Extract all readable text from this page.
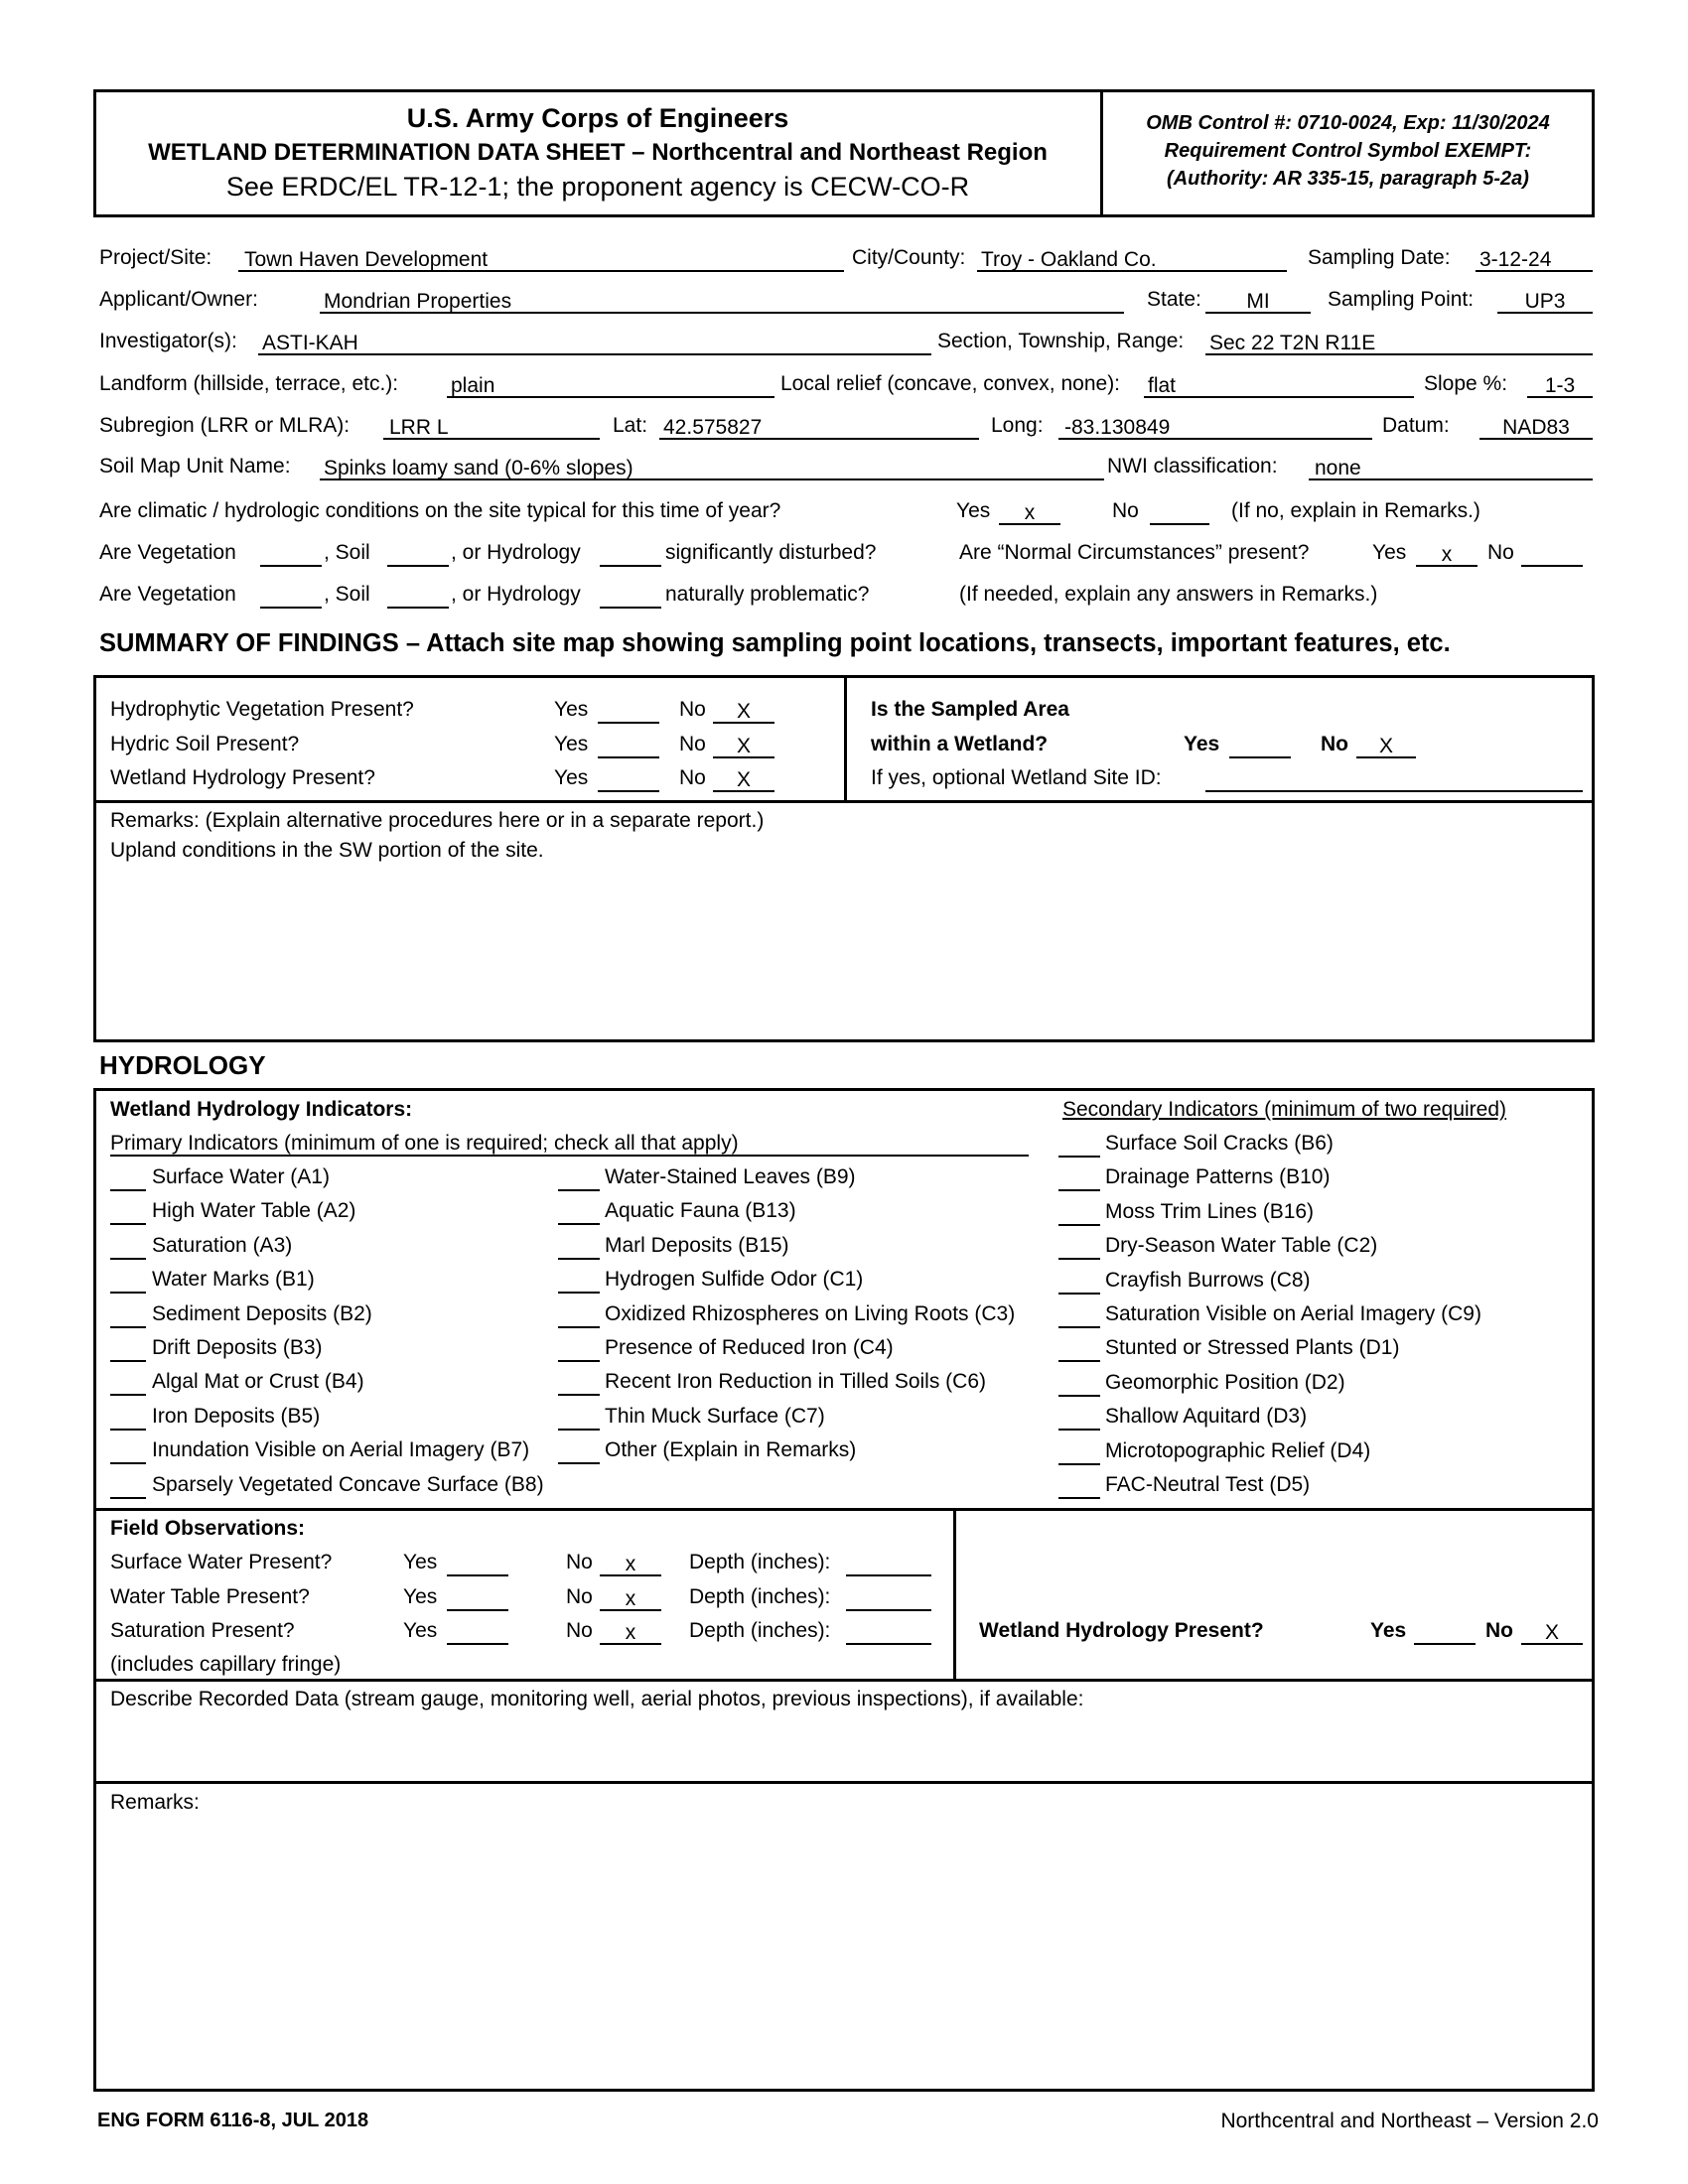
U.S. Army Corps of Engineers
WETLAND DETERMINATION DATA SHEET – Northcentral and Northeast Region
See ERDC/EL TR-12-1; the proponent agency is CECW-CO-R
OMB Control #: 0710-0024, Exp: 11/30/2024
Requirement Control Symbol EXEMPT:
(Authority: AR 335-15, paragraph 5-2a)
Project/Site: Town Haven Development	City/County: Troy - Oakland Co.	Sampling Date: 3-12-24
Applicant/Owner:	Mondrian Properties	State:	MI	Sampling Point:	UP3
Investigator(s): ASTI-KAH	Section, Township, Range: Sec 22 T2N R11E
Landform (hillside, terrace, etc.):	plain	Local relief (concave, convex, none): flat	Slope %:	1-3
Subregion (LRR or MLRA): LRR L	Lat: 42.575827	Long: -83.130849	Datum:	NAD83
Soil Map Unit Name: Spinks loamy sand (0-6% slopes)	NWI classification: none
Are climatic / hydrologic conditions on the site typical for this time of year?	Yes	x	No	(If no, explain in Remarks.)
Are Vegetation	, Soil	, or Hydrology	significantly disturbed?	Are “Normal Circumstances” present?	Yes	x	No
Are Vegetation	, Soil	, or Hydrology	naturally problematic?	(If needed, explain any answers in Remarks.)
SUMMARY OF FINDINGS – Attach site map showing sampling point locations, transects, important features, etc.
Hydrophytic Vegetation Present?	Yes	No	X
Hydric Soil Present?	Yes	No	X
Wetland Hydrology Present?	Yes	No	X
Is the Sampled Area
within a Wetland?	Yes	No	X
If yes, optional Wetland Site ID:
Remarks: (Explain alternative procedures here or in a separate report.)
Upland conditions in the SW portion of the site.
HYDROLOGY
Wetland Hydrology Indicators:
Primary Indicators (minimum of one is required; check all that apply)
Secondary Indicators (minimum of two required)
Surface Water (A1)
High Water Table (A2)
Saturation (A3)
Water Marks (B1)
Sediment Deposits (B2)
Drift Deposits (B3)
Algal Mat or Crust (B4)
Iron Deposits (B5)
Inundation Visible on Aerial Imagery (B7)
Sparsely Vegetated Concave Surface (B8)
Water-Stained Leaves (B9)
Aquatic Fauna (B13)
Marl Deposits (B15)
Hydrogen Sulfide Odor (C1)
Oxidized Rhizospheres on Living Roots (C3)
Presence of Reduced Iron (C4)
Recent Iron Reduction in Tilled Soils (C6)
Thin Muck Surface (C7)
Other (Explain in Remarks)
Surface Soil Cracks (B6)
Drainage Patterns (B10)
Moss Trim Lines (B16)
Dry-Season Water Table (C2)
Crayfish Burrows (C8)
Saturation Visible on Aerial Imagery (C9)
Stunted or Stressed Plants (D1)
Geomorphic Position (D2)
Shallow Aquitard (D3)
Microtopographic Relief (D4)
FAC-Neutral Test (D5)
Field Observations:
Surface Water Present?	Yes	No	x	Depth (inches):
Water Table Present?	Yes	No	x	Depth (inches):
Saturation Present?	Yes	No	x	Depth (inches):
(includes capillary fringe)
Wetland Hydrology Present?	Yes	No	X
Describe Recorded Data (stream gauge, monitoring well, aerial photos, previous inspections), if available:
Remarks:
ENG FORM 6116-8, JUL 2018	Northcentral and Northeast – Version 2.0
